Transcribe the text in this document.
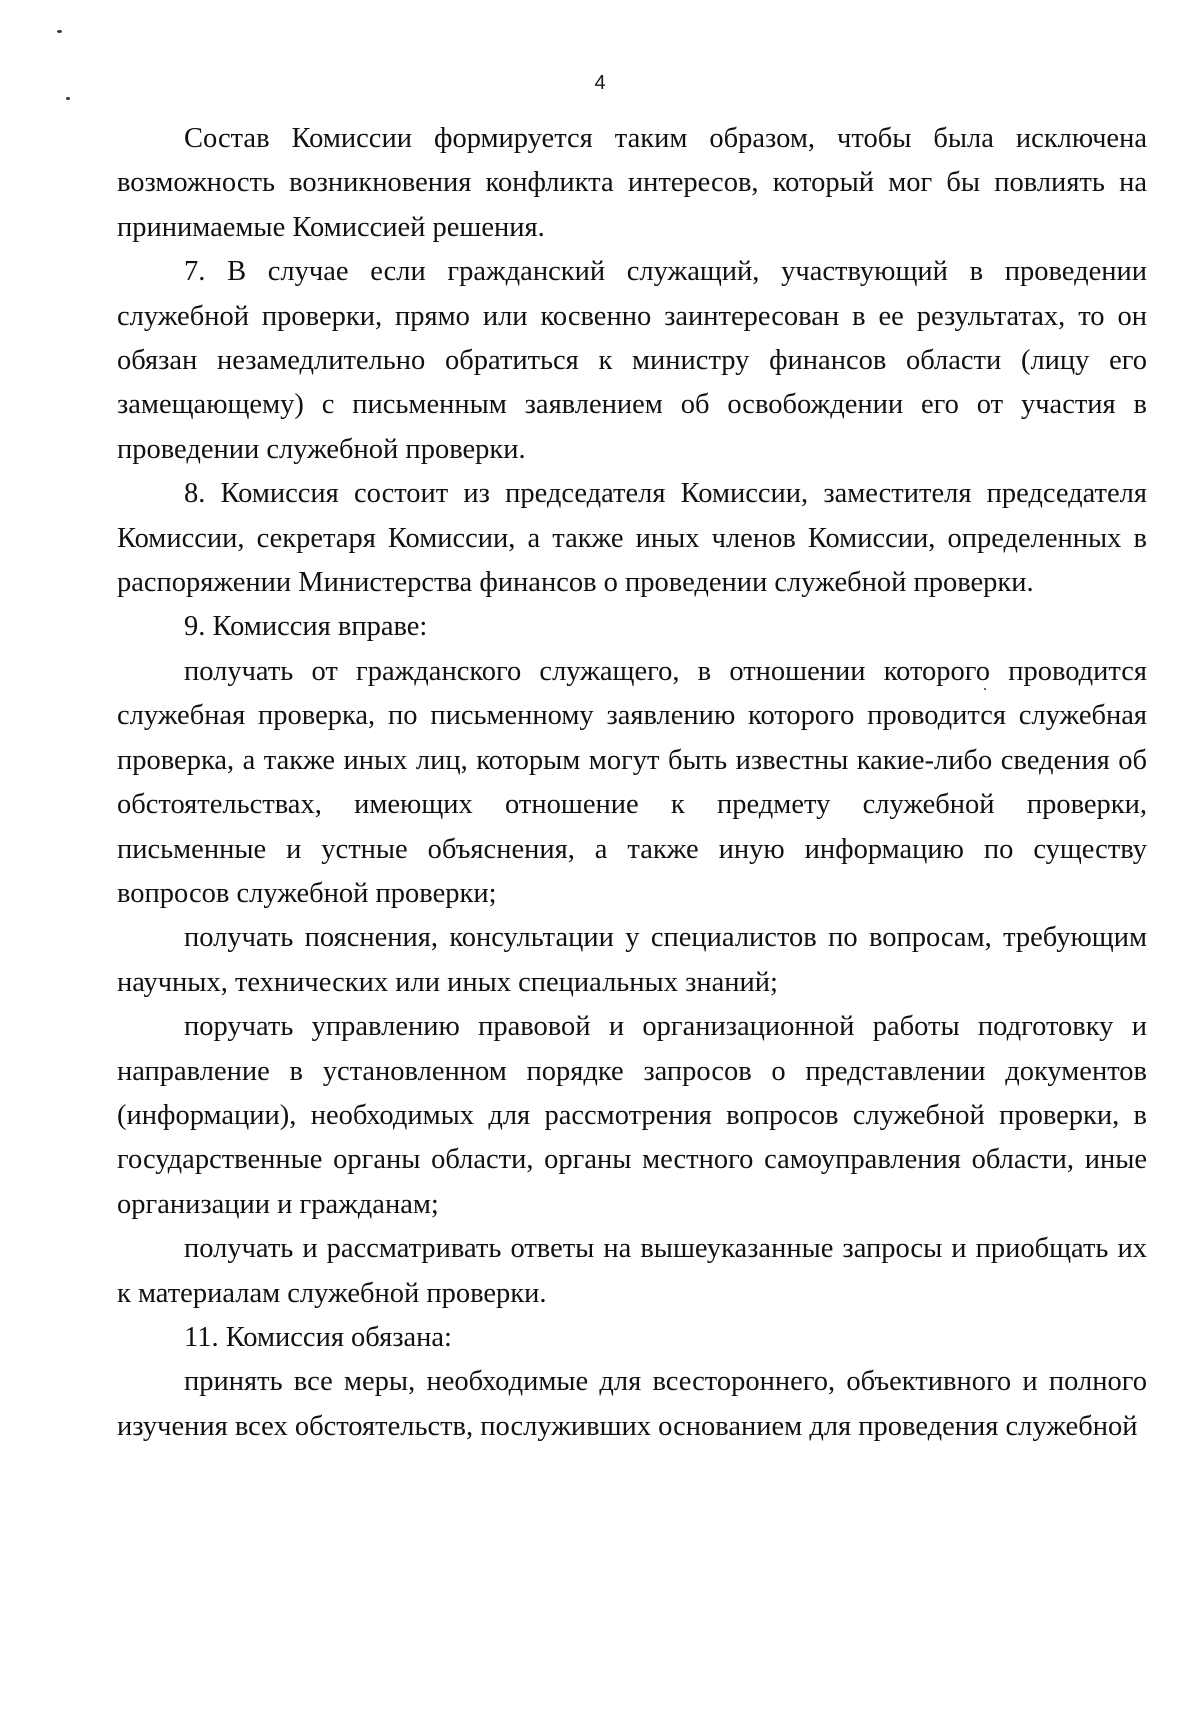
4

Состав Комиссии формируется таким образом, чтобы была исключена возможность возникновения конфликта интересов, который мог бы повлиять на принимаемые Комиссией решения.

7. В случае если гражданский служащий, участвующий в проведении служебной проверки, прямо или косвенно заинтересован в ее результатах, то он обязан незамедлительно обратиться к министру финансов области (лицу его замещающему) с письменным заявлением об освобождении его от участия в проведении служебной проверки.

8. Комиссия состоит из председателя Комиссии, заместителя председателя Комиссии, секретаря Комиссии, а также иных членов Комиссии, определенных в распоряжении Министерства финансов о проведении служебной проверки.

9. Комиссия вправе:

получать от гражданского служащего, в отношении которого проводится служебная проверка, по письменному заявлению которого проводится служебная проверка, а также иных лиц, которым могут быть известны какие-либо сведения об обстоятельствах, имеющих отношение к предмету служебной проверки, письменные и устные объяснения, а также иную информацию по существу вопросов служебной проверки;

получать пояснения, консультации у специалистов по вопросам, требующим научных, технических или иных специальных знаний;

поручать управлению правовой и организационной работы подготовку и направление в установленном порядке запросов о представлении документов (информации), необходимых для рассмотрения вопросов служебной проверки, в государственные органы области, органы местного самоуправления области, иные организации и гражданам;

получать и рассматривать ответы на вышеуказанные запросы и приобщать их к материалам служебной проверки.

11. Комиссия обязана:

принять все меры, необходимые для всестороннего, объективного и полного изучения всех обстоятельств, послуживших основанием для проведения служебной
